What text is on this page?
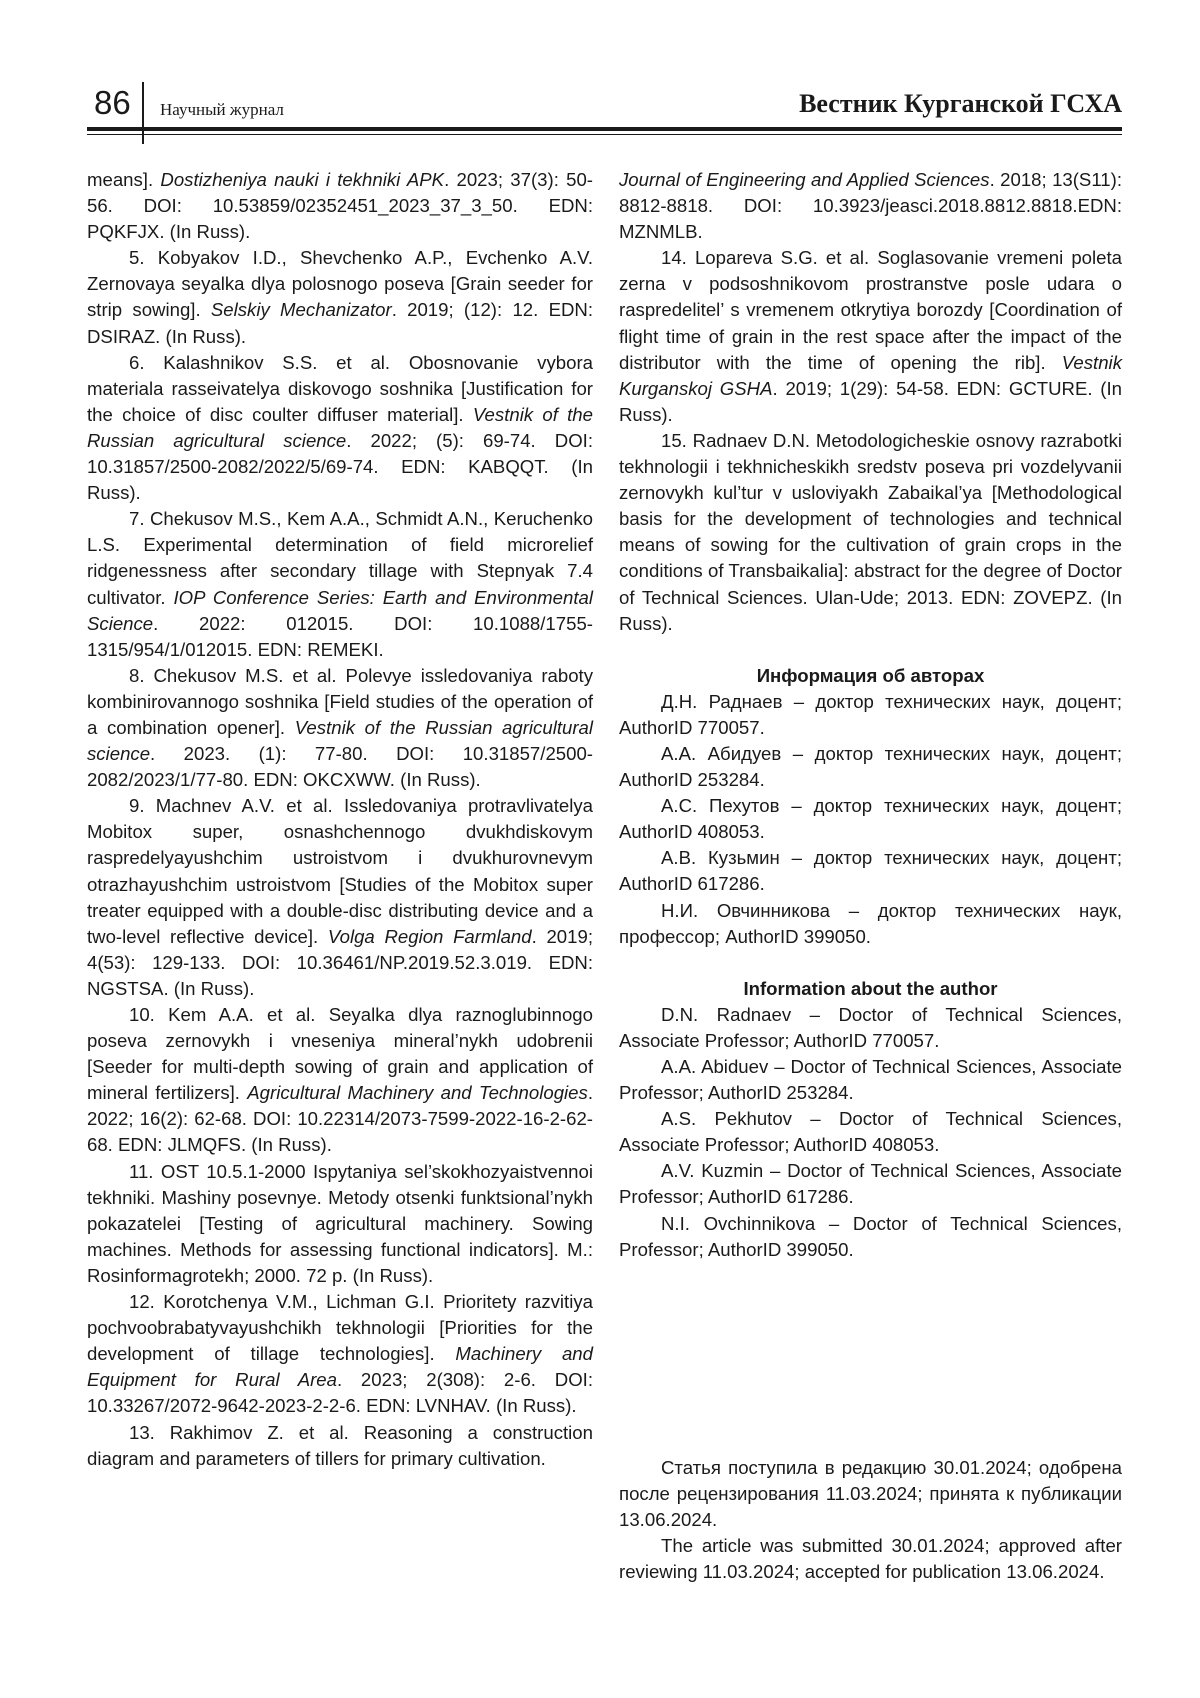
86 Научный журнал	Вестник Курганской ГСХА

means]. Dostizheniya nauki i tekhniki APK. 2023; 37(3): 50-56. DOI: 10.53859/02352451_2023_37_3_50. EDN: PQKFJX. (In Russ).

5. Kobyakov I.D., Shevchenko A.P., Evchenko A.V. Zernovaya seyalka dlya polosnogo poseva [Grain seeder for strip sowing]. Selskiy Mechanizator. 2019; (12): 12. EDN: DSIRAZ. (In Russ).

6. Kalashnikov S.S. et al. Obosnovanie vybora materiala rasseivatelya diskovogo soshnika [Justification for the choice of disc coulter diffuser material]. Vestnik of the Russian agricultural science. 2022; (5): 69-74. DOI: 10.31857/2500-2082/2022/5/69-74. EDN: KABQQT. (In Russ).

7. Chekusov M.S., Kem A.A., Schmidt A.N., Keruchenko L.S. Experimental determination of field microrelief ridgenessness after secondary tillage with Stepnyak 7.4 cultivator. IOP Conference Series: Earth and Environmental Science. 2022: 012015. DOI: 10.1088/1755-1315/954/1/012015. EDN: REMEKI.

8. Chekusov M.S. et al. Polevye issledovaniya raboty kombinirovannogo soshnika [Field studies of the operation of a combination opener]. Vestnik of the Russian agricultural science. 2023. (1): 77-80. DOI: 10.31857/2500-2082/2023/1/77-80. EDN: OKCXWW. (In Russ).

9. Machnev A.V. et al. Issledovaniya protravlivatelya Mobitox super, osnashchennogo dvukhdiskovym raspredelyayushchim ustroistvom i dvukhurovnevym otrazhayushchim ustroistvom [Studies of the Mobitox super treater equipped with a double-disc distributing device and a two-level reflective device]. Volga Region Farmland. 2019; 4(53): 129-133. DOI: 10.36461/NP.2019.52.3.019. EDN: NGSTSA. (In Russ).

10. Kem A.A. et al. Seyalka dlya raznoglubinnogo poseva zernovykh i vneseniya mineral’nykh udobrenii [Seeder for multi-depth sowing of grain and application of mineral fertilizers]. Agricultural Machinery and Technologies. 2022; 16(2): 62-68. DOI: 10.22314/2073-7599-2022-16-2-62-68. EDN: JLMQFS. (In Russ).

11. OST 10.5.1-2000 Ispytaniya sel’skokhozyaistvennoi tekhniki. Mashiny posevnye. Metody otsenki funktsional’nykh pokazatelei [Testing of agricultural machinery. Sowing machines. Methods for assessing functional indicators]. M.: Rosinformagrotekh; 2000. 72 p. (In Russ).

12. Korotchenya V.M., Lichman G.I. Prioritety razvitiya pochvoobrabatyvayushchikh tekhnologii [Priorities for the development of tillage technologies]. Machinery and Equipment for Rural Area. 2023; 2(308): 2-6. DOI: 10.33267/2072-9642-2023-2-2-6. EDN: LVNHAV. (In Russ).

13. Rakhimov Z. et al. Reasoning a construction diagram and parameters of tillers for primary cultivation.

Journal of Engineering and Applied Sciences. 2018; 13(S11): 8812-8818. DOI: 10.3923/jeasci.2018.8812.8818.EDN: MZNMLB.

14. Lopareva S.G. et al. Soglasovanie vremeni poleta zerna v podsoshnikovom prostranstve posle udara o raspredelitel’ s vremenem otkrytiya borozdy [Coordination of flight time of grain in the rest space after the impact of the distributor with the time of opening the rib]. Vestnik Kurganskoj GSHA. 2019; 1(29): 54-58. EDN: GCTURE. (In Russ).

15. Radnaev D.N. Metodologicheskie osnovy razrabotki tekhnologii i tekhnicheskikh sredstv poseva pri vozdelyvanii zernovykh kul’tur v usloviyakh Zabaikal’ya [Methodological basis for the development of technologies and technical means of sowing for the cultivation of grain crops in the conditions of Transbaikalia]: abstract for the degree of Doctor of Technical Sciences. Ulan-Ude; 2013. EDN: ZOVEPZ. (In Russ).

Информация об авторах

Д.Н. Раднаев – доктор технических наук, доцент; AuthorID 770057.

А.А. Абидуев – доктор технических наук, доцент; AuthorID 253284.

А.С. Пехутов – доктор технических наук, доцент; AuthorID 408053.

А.В. Кузьмин – доктор технических наук, доцент; AuthorID 617286.

Н.И. Овчинникова – доктор технических наук, профессор; AuthorID 399050.

Information about the author

D.N. Radnaev – Doctor of Technical Sciences, Associate Professor; AuthorID 770057.

A.A. Abiduev – Doctor of Technical Sciences, Associate Professor; AuthorID 253284.

A.S. Pekhutov – Doctor of Technical Sciences, Associate Professor; AuthorID 408053.

A.V. Kuzmin – Doctor of Technical Sciences, Associate Professor; AuthorID 617286.

N.I. Ovchinnikova – Doctor of Technical Sciences, Professor; AuthorID 399050.

Статья поступила в редакцию 30.01.2024; одобрена после рецензирования 11.03.2024; принята к публикации 13.06.2024.

The article was submitted 30.01.2024; approved after reviewing 11.03.2024; accepted for publication 13.06.2024.
